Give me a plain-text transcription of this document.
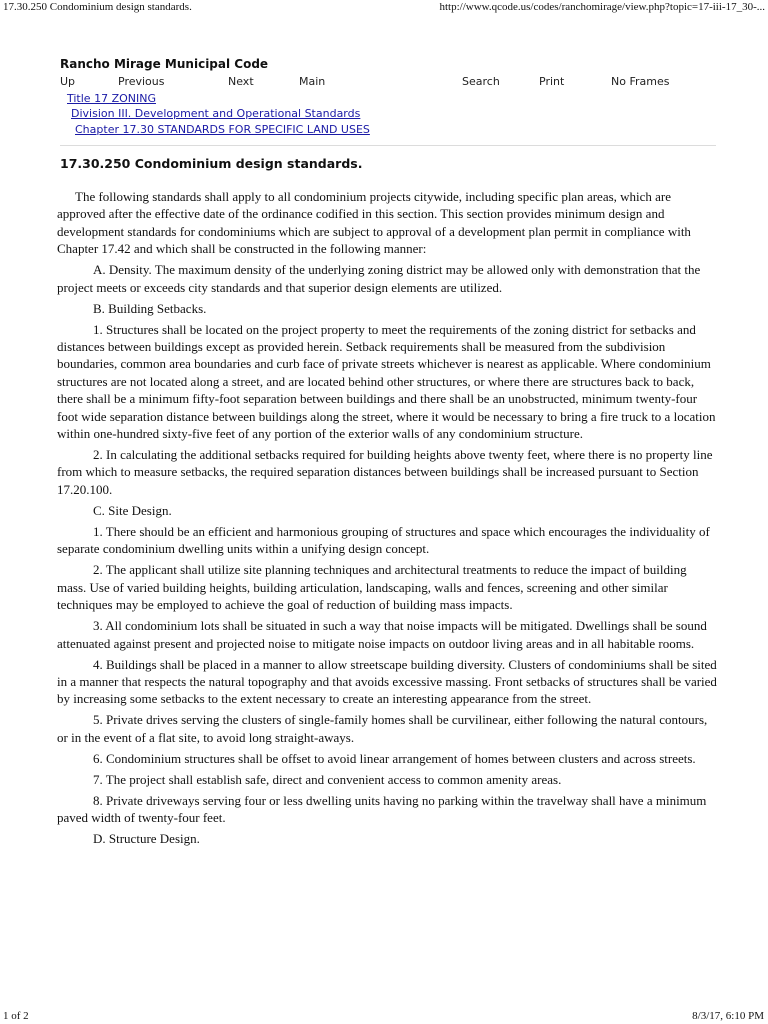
17.30.250 Condominium design standards.	http://www.qcode.us/codes/ranchomirage/view.php?topic=17-iii-17_30-...
Rancho Mirage Municipal Code
Up	Previous	Next	Main	Search	Print	No Frames
Title 17 ZONING
Division III. Development and Operational Standards
Chapter 17.30 STANDARDS FOR SPECIFIC LAND USES
17.30.250 Condominium design standards.

The following standards shall apply to all condominium projects citywide, including specific plan areas, which are approved after the effective date of the ordinance codified in this section. This section provides minimum design and development standards for condominiums which are subject to approval of a development plan permit in compliance with Chapter 17.42 and which shall be constructed in the following manner:

A. Density. The maximum density of the underlying zoning district may be allowed only with demonstration that the project meets or exceeds city standards and that superior design elements are utilized.

B. Building Setbacks.

1. Structures shall be located on the project property to meet the requirements of the zoning district for setbacks and distances between buildings except as provided herein. Setback requirements shall be measured from the subdivision boundaries, common area boundaries and curb face of private streets whichever is nearest as applicable. Where condominium structures are not located along a street, and are located behind other structures, or where there are structures back to back, there shall be a minimum fifty-foot separation between buildings and there shall be an unobstructed, minimum twenty-four foot wide separation distance between buildings along the street, where it would be necessary to bring a fire truck to a location within one-hundred sixty-five feet of any portion of the exterior walls of any condominium structure.

2. In calculating the additional setbacks required for building heights above twenty feet, where there is no property line from which to measure setbacks, the required separation distances between buildings shall be increased pursuant to Section 17.20.100.

C. Site Design.

1. There should be an efficient and harmonious grouping of structures and space which encourages the individuality of separate condominium dwelling units within a unifying design concept.

2. The applicant shall utilize site planning techniques and architectural treatments to reduce the impact of building mass. Use of varied building heights, building articulation, landscaping, walls and fences, screening and other similar techniques may be employed to achieve the goal of reduction of building mass impacts.

3. All condominium lots shall be situated in such a way that noise impacts will be mitigated. Dwellings shall be sound attenuated against present and projected noise to mitigate noise impacts on outdoor living areas and in all habitable rooms.

4. Buildings shall be placed in a manner to allow streetscape building diversity. Clusters of condominiums shall be sited in a manner that respects the natural topography and that avoids excessive massing. Front setbacks of structures shall be varied by increasing some setbacks to the extent necessary to create an interesting appearance from the street.

5. Private drives serving the clusters of single-family homes shall be curvilinear, either following the natural contours, or in the event of a flat site, to avoid long straight-aways.

6. Condominium structures shall be offset to avoid linear arrangement of homes between clusters and across streets.

7. The project shall establish safe, direct and convenient access to common amenity areas.

8. Private driveways serving four or less dwelling units having no parking within the travelway shall have a minimum paved width of twenty-four feet.

D. Structure Design.

1 of 2	8/3/17, 6:10 PM
